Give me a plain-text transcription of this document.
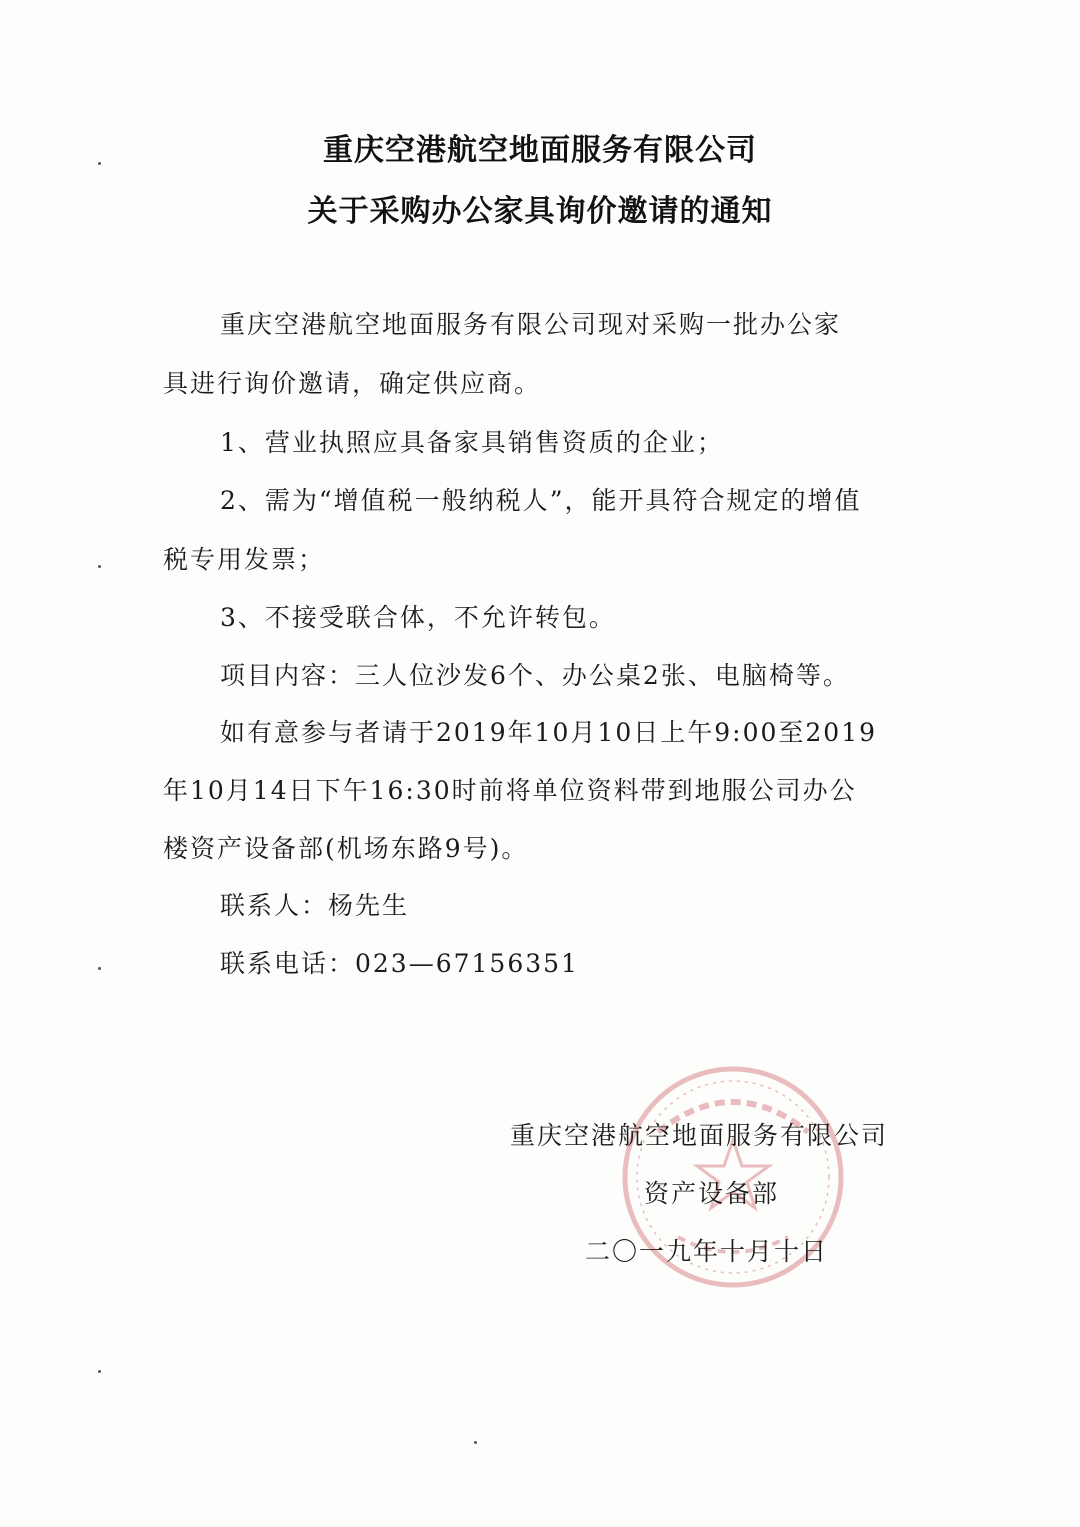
重庆空港航空地面服务有限公司
关于采购办公家具询价邀请的通知
重庆空港航空地面服务有限公司现对采购一批办公家
具进行询价邀请，确定供应商。
1、营业执照应具备家具销售资质的企业；
2、需为“增值税一般纳税人”，能开具符合规定的增值
税专用发票；
3、不接受联合体，不允许转包。
项目内容：三人位沙发6个、办公桌2张、电脑椅等。
如有意参与者请于2019年10月10日上午9:00至2019
年10月14日下午16:30时前将单位资料带到地服公司办公
楼资产设备部(机场东路9号)。
联系人：杨先生
联系电话：023—67156351
重庆空港航空地面服务有限公司
资产设备部
二〇一九年十月十日
